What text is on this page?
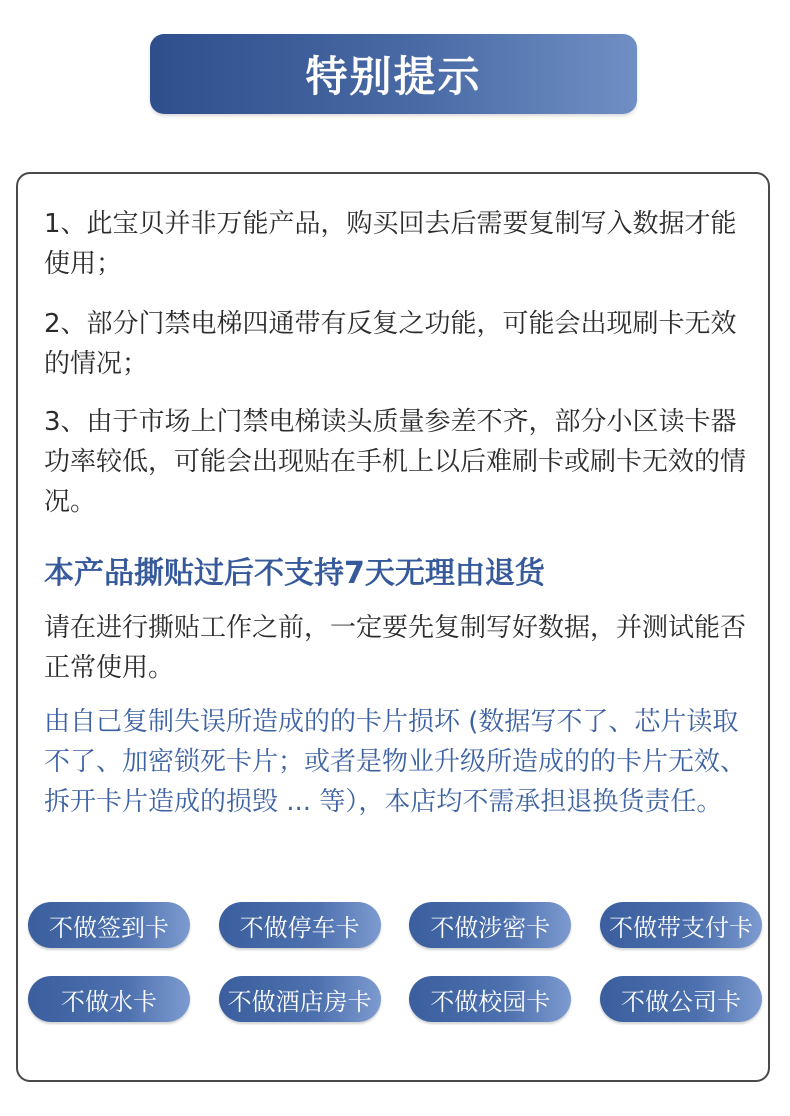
特别提示

1、此宝贝并非万能产品，购买回去后需要复制写入数据才能使用；

2、部分门禁电梯四通带有反复之功能，可能会出现刷卡无效的情况；

3、由于市场上门禁电梯读头质量参差不齐，部分小区读卡器功率较低，可能会出现贴在手机上以后难刷卡或刷卡无效的情况。

本产品撕贴过后不支持7天无理由退货

请在进行撕贴工作之前，一定要先复制写好数据，并测试能否正常使用。

由自己复制失误所造成的的卡片损坏 (数据写不了、芯片读取不了、加密锁死卡片；或者是物业升级所造成的的卡片无效、拆开卡片造成的损毁 ... 等），本店均不需承担退换货责任。

不做签到卡	不做停车卡	不做涉密卡	不做带支付卡
不做水卡	不做酒店房卡	不做校园卡	不做公司卡
